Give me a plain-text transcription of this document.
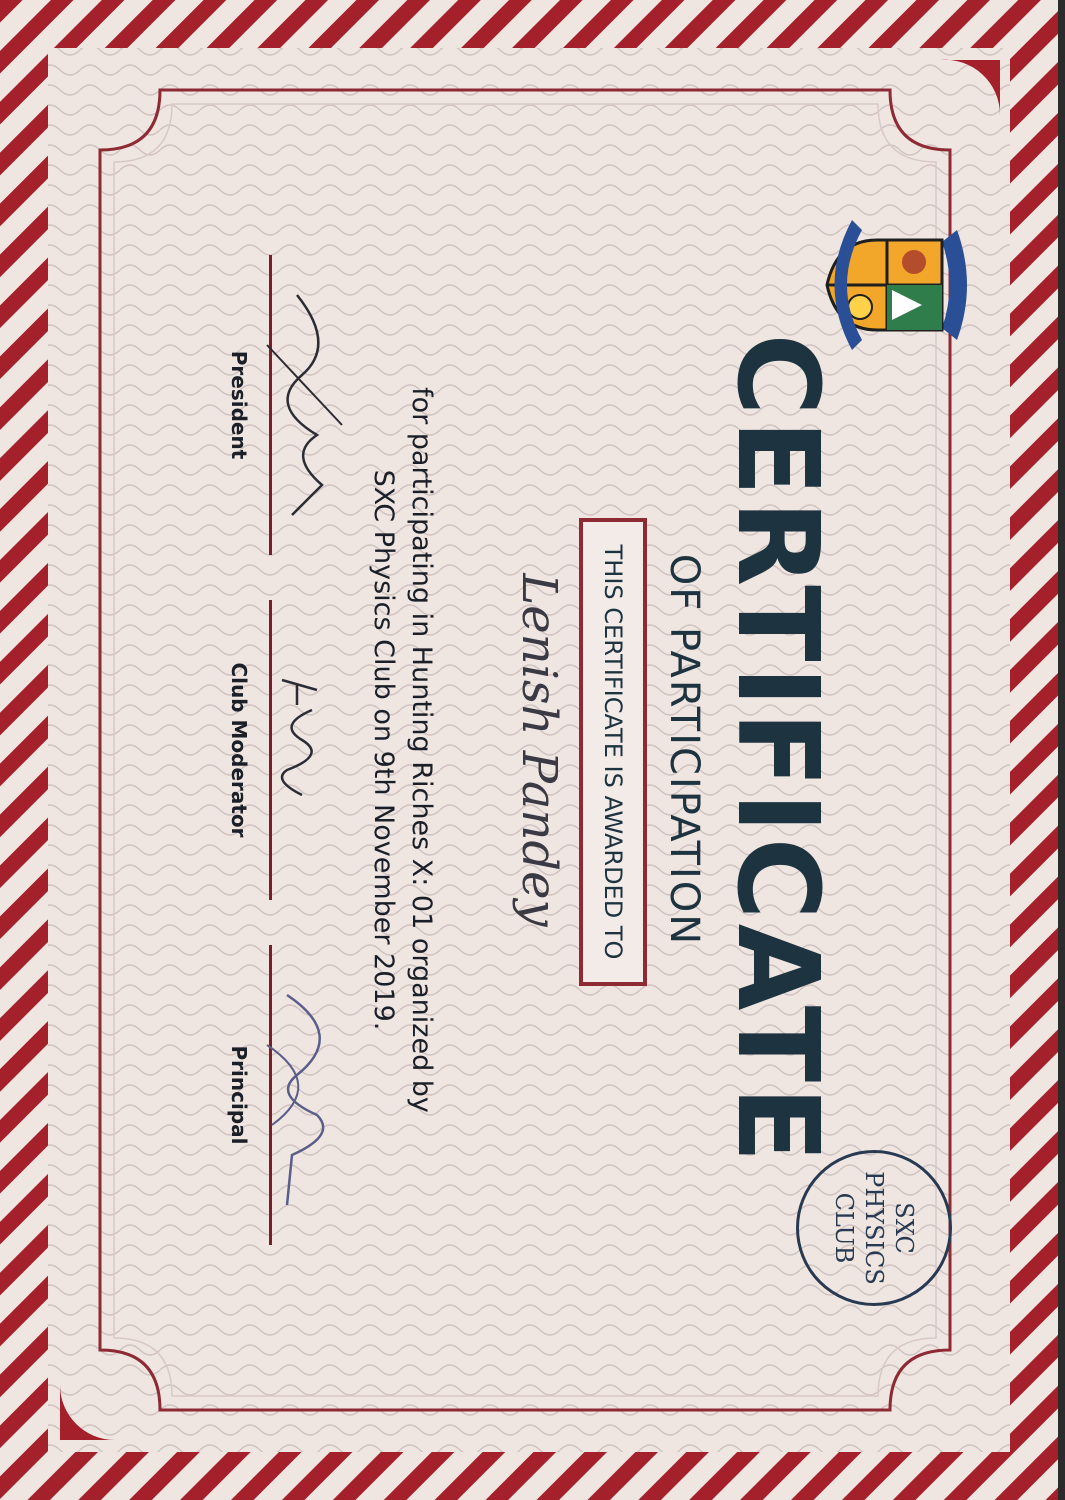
CERTIFICATE
OF PARTICIPATION
THIS CERTIFICATE IS AWARDED TO
Lenish Pandey
for participating in Hunting Riches X: 01 organized by
SXC Physics Club on 9th November 2019.
President
Club Moderator
Principal
SXC
PHYSICS
CLUB
